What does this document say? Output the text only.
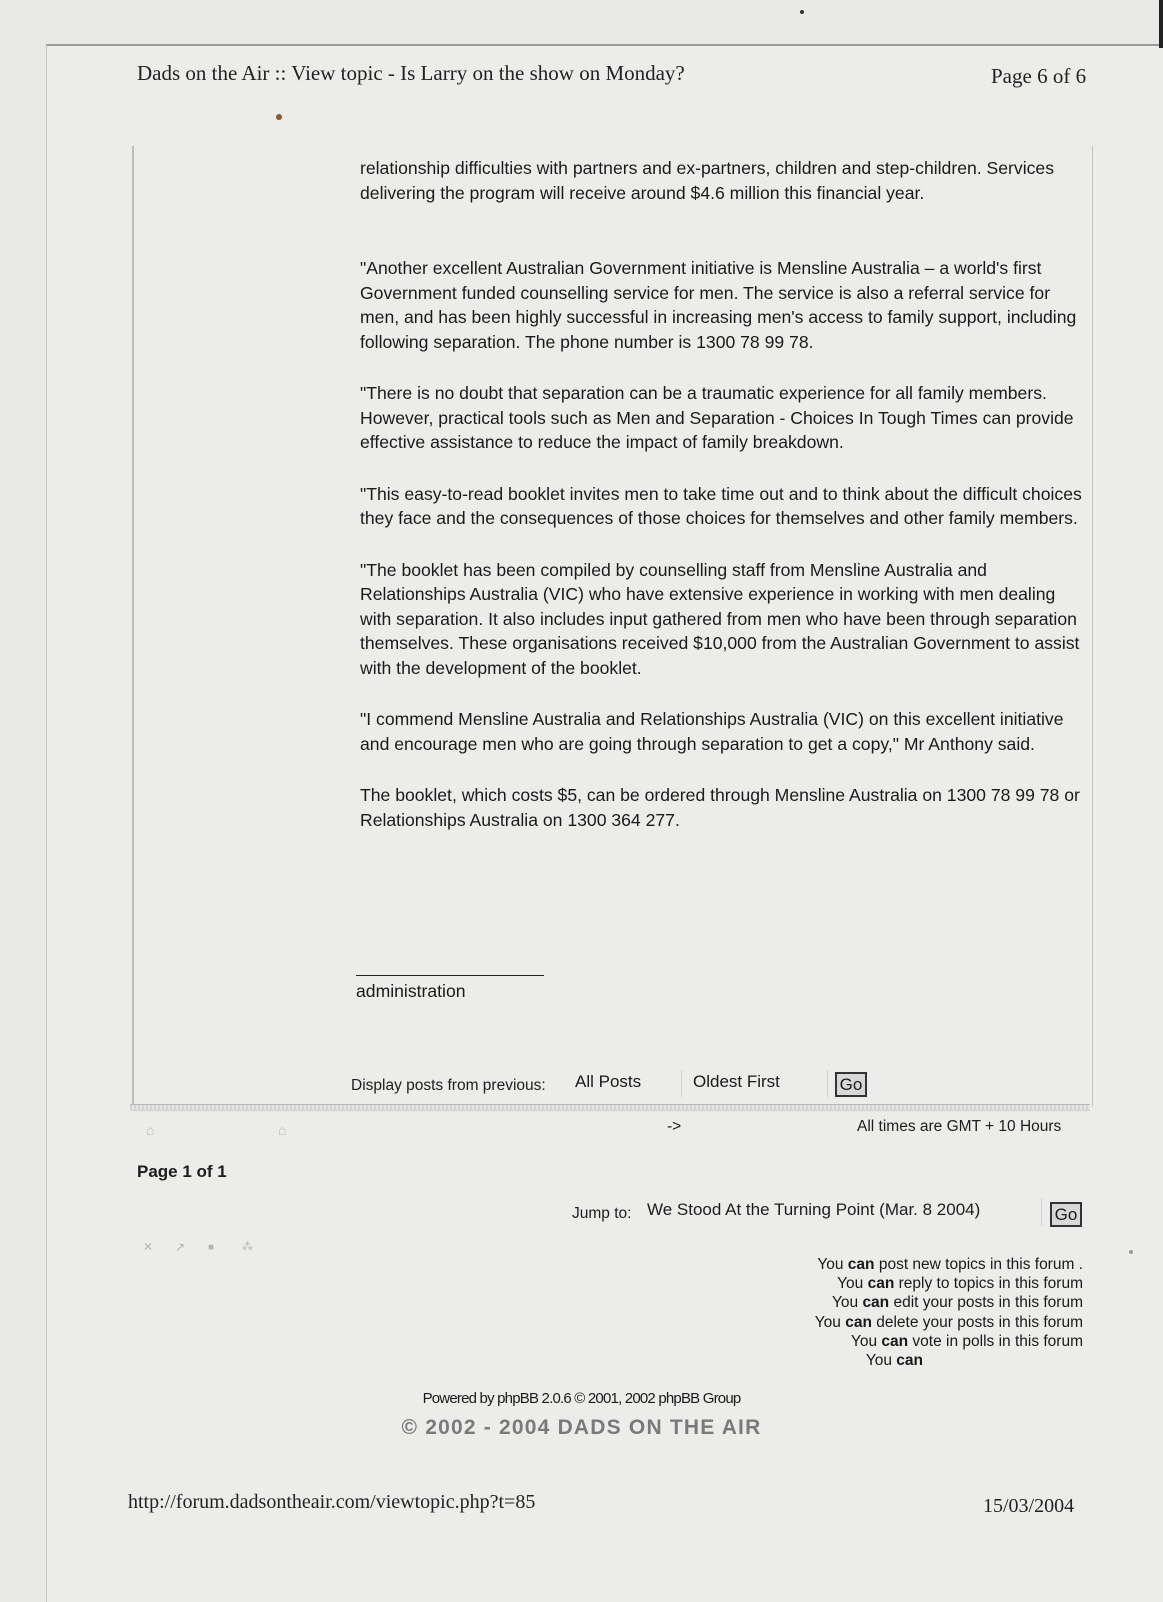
Dads on the Air :: View topic - Is Larry on the show on Monday?	Page 6 of 6

relationship difficulties with partners and ex-partners, children and step-children. Services delivering the program will receive around $4.6 million this financial year.

"Another excellent Australian Government initiative is Mensline Australia – a world's first Government funded counselling service for men. The service is also a referral service for men, and has been highly successful in increasing men's access to family support, including following separation. The phone number is 1300 78 99 78.

"There is no doubt that separation can be a traumatic experience for all family members. However, practical tools such as Men and Separation - Choices In Tough Times can provide effective assistance to reduce the impact of family breakdown.

"This easy-to-read booklet invites men to take time out and to think about the difficult choices they face and the consequences of those choices for themselves and other family members.

"The booklet has been compiled by counselling staff from Mensline Australia and Relationships Australia (VIC) who have extensive experience in working with men dealing with separation. It also includes input gathered from men who have been through separation themselves. These organisations received $10,000 from the Australian Government to assist with the development of the booklet.

"I commend Mensline Australia and Relationships Australia (VIC) on this excellent initiative and encourage men who are going through separation to get a copy," Mr Anthony said.

The booklet, which costs $5, can be ordered through Mensline Australia on 1300 78 99 78 or Relationships Australia on 1300 364 277.

administration
Display posts from previous: All Posts	Oldest First	Go
⌂	⌂	->	All times are GMT + 10 Hours
Page 1 of 1
✕ ↗ ■	⁂
Jump to: We Stood At the Turning Point (Mar. 8 2004)	Go
You can post new topics in this forum .
You can reply to topics in this forum
You can edit your posts in this forum
You can delete your posts in this forum
You can vote in polls in this forum
You can
Powered by phpBB 2.0.6 © 2001, 2002 phpBB Group
© 2002 - 2004 DADS ON THE AIR
http://forum.dadsontheair.com/viewtopic.php?t=85	15/03/2004
